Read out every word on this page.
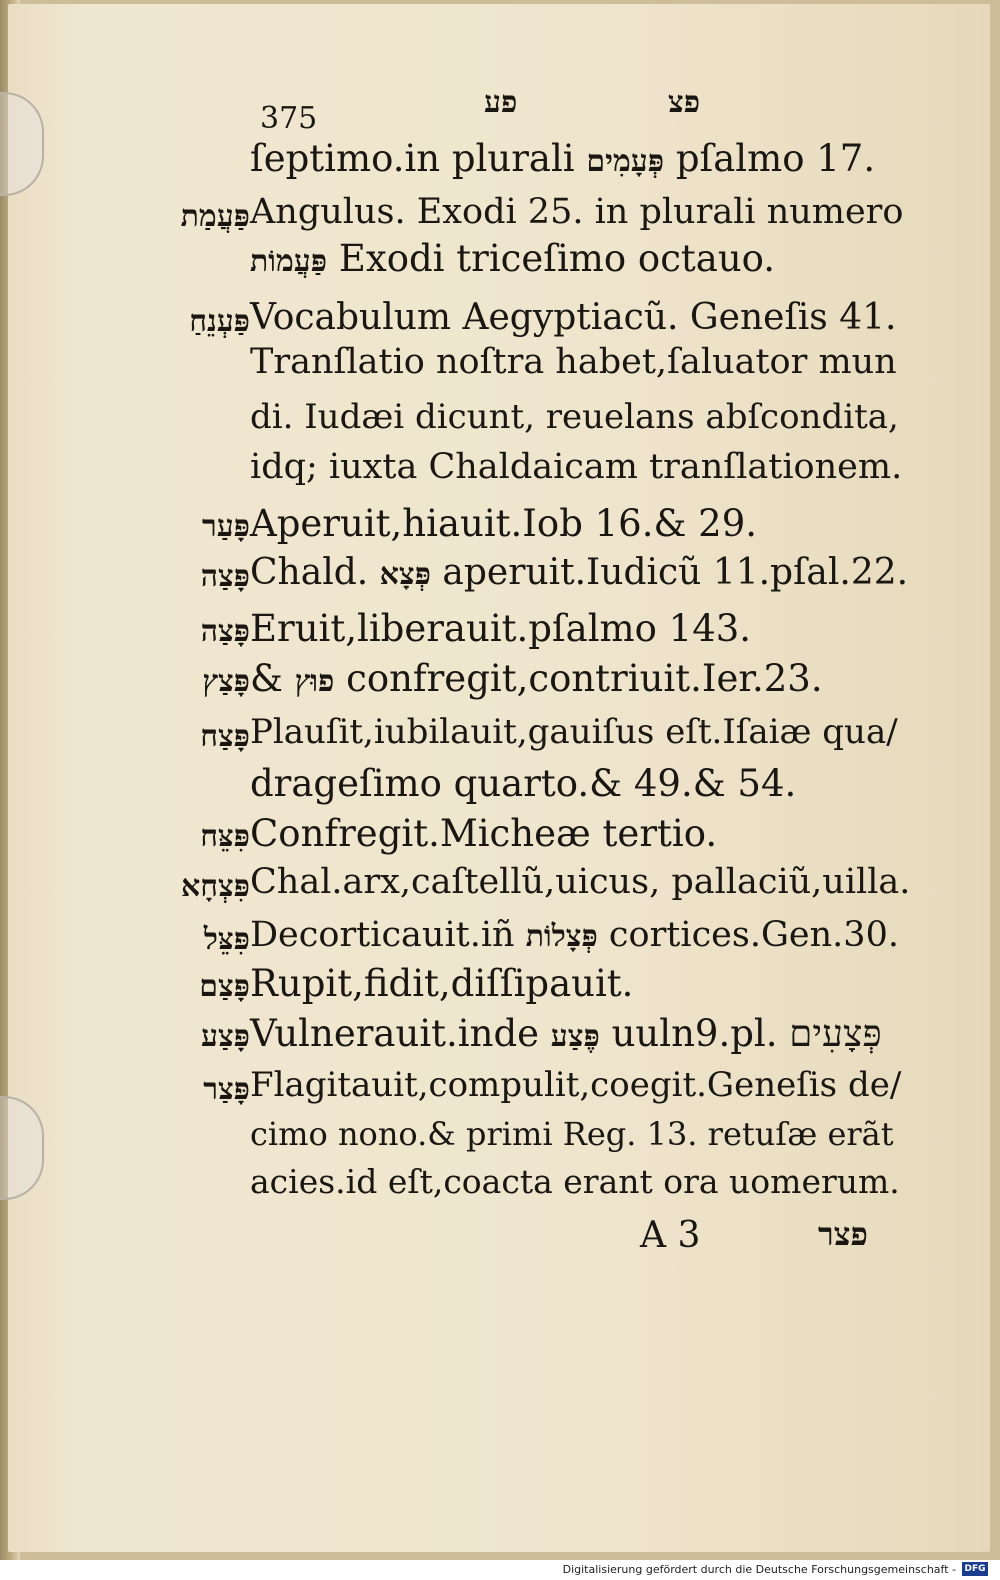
375	פע	פצ
ſeptimo.in plurali פְּעָמִים pſalmo 17.
פַּעֲמַת Angulus. Exodi 25. in plurali numero
פַּעֲמוֹת Exodi triceſimo octauo.
פַּעְנֵחַ Vocabulum Aegyptiacũ. Geneſis 41.
Tranſlatio noſtra habet,ſaluator mun
di. Iudæi dicunt, reuelans abſcondita,
idq; iuxta Chaldaicam tranſlationem.
פָּעַר Aperuit,hiauit.Iob 16.& 29.
פָּצַה Chald. פְּצָא aperuit.Iudicũ 11.pſal.22.
פָּצַה Eruit,liberauit.pſalmo 143.
פָּצַץ & פוּץ confregit,contriuit.Ier.23.
פָּצַח Plauſit,iubilauit,gauiſus eſt.Iſaiæ qua/
drageſimo quarto.& 49.& 54.
פִּצֵּח Confregit.Micheæ tertio.
פִּצְחָא Chal.arx,caſtellũ,uicus, pallaciũ,uilla.
פִּצֵּל Decorticauit.iñ פְּצָלוֹת cortices.Gen.30.
פָּצַם Rupit,fidit,diſſipauit.
פָּצַע Vulnerauit.inde פֶּצַע uuln9.pl. פְּצָעִים
פָּצַר Flagitauit,compulit,coegit.Geneſis de/
cimo nono.& primi Reg. 13. retuſæ erãt
acies.id eſt,coacta erant ora uomerum.
A 3	פצר
Digitalisierung gefördert durch die Deutsche Forschungsgemeinschaft - DFG
